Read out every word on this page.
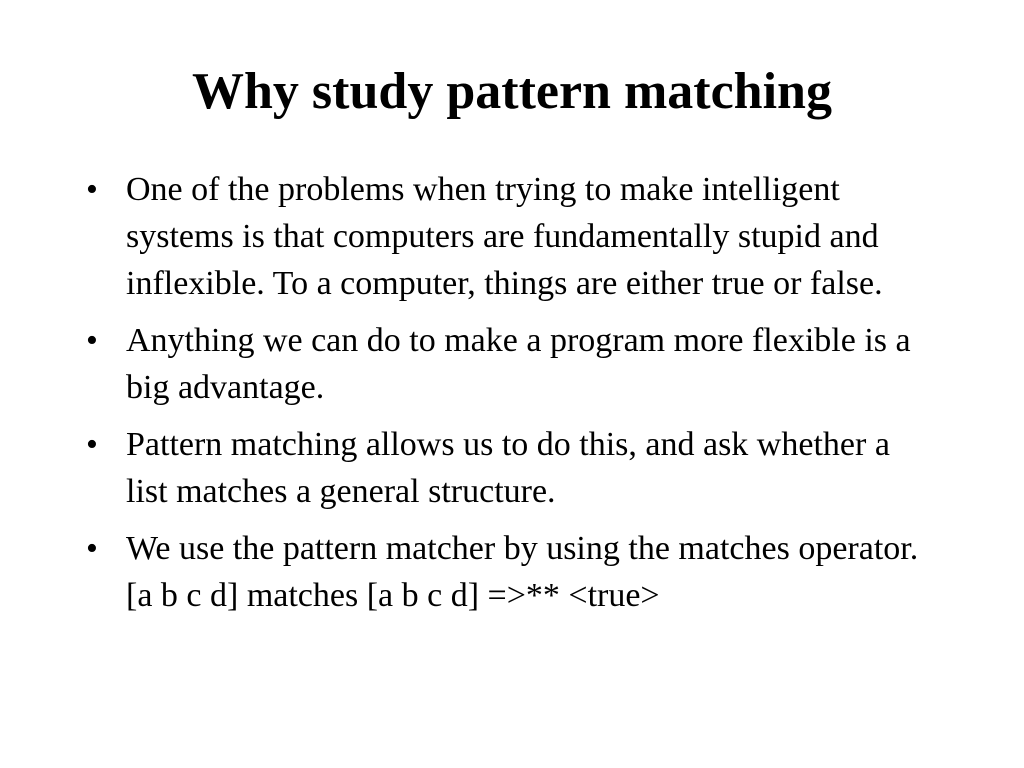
Why study pattern matching
• One of the problems when trying to make intelligent systems is that computers are fundamentally stupid and inflexible. To a computer, things are either true or false.
• Anything we can do to make a program more flexible is a big advantage.
• Pattern matching allows us to do this, and ask whether a list matches a general structure.
• We use the pattern matcher by using the matches operator. [a b c d] matches [a b c d] =>** <true>
